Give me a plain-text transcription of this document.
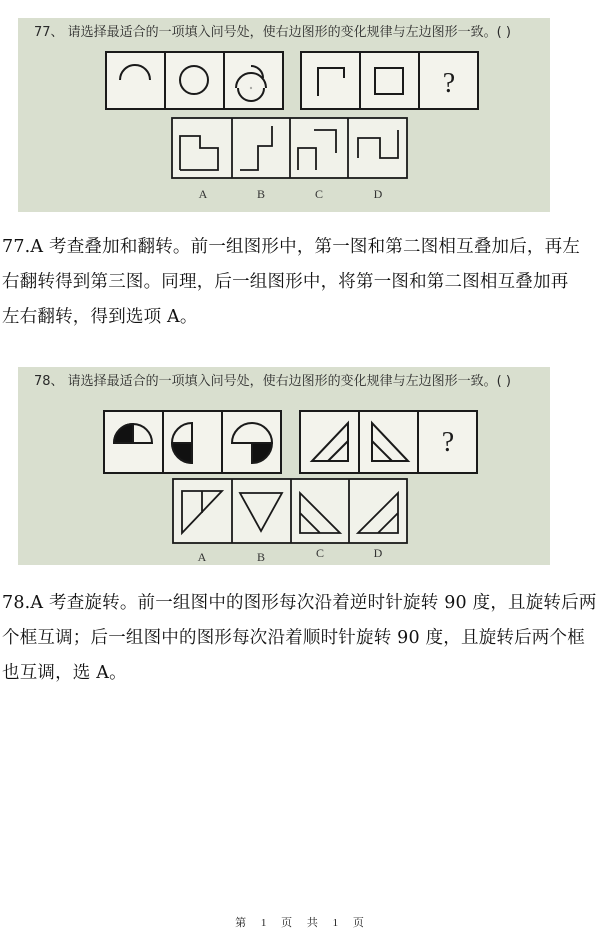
77、 请选择最适合的一项填入问号处，使右边图形的变化规律与左边图形一致。( )
?
A	B	C	D

77.A 考查叠加和翻转。前一组图形中，第一图和第二图相互叠加后，再左

右翻转得到第三图。同理，后一组图形中，将第一图和第二图相互叠加再

左右翻转，得到选项 A。

78、 请选择最适合的一项填入问号处，使右边图形的变化规律与左边图形一致。( )
?
A	B	C	D

78.A 考查旋转。前一组图中的图形每次沿着逆时针旋转 90 度，且旋转后两

个框互调；后一组图中的图形每次沿着顺时针旋转 90 度，且旋转后两个框

也互调，选 A。

第 1 页 共 1 页
